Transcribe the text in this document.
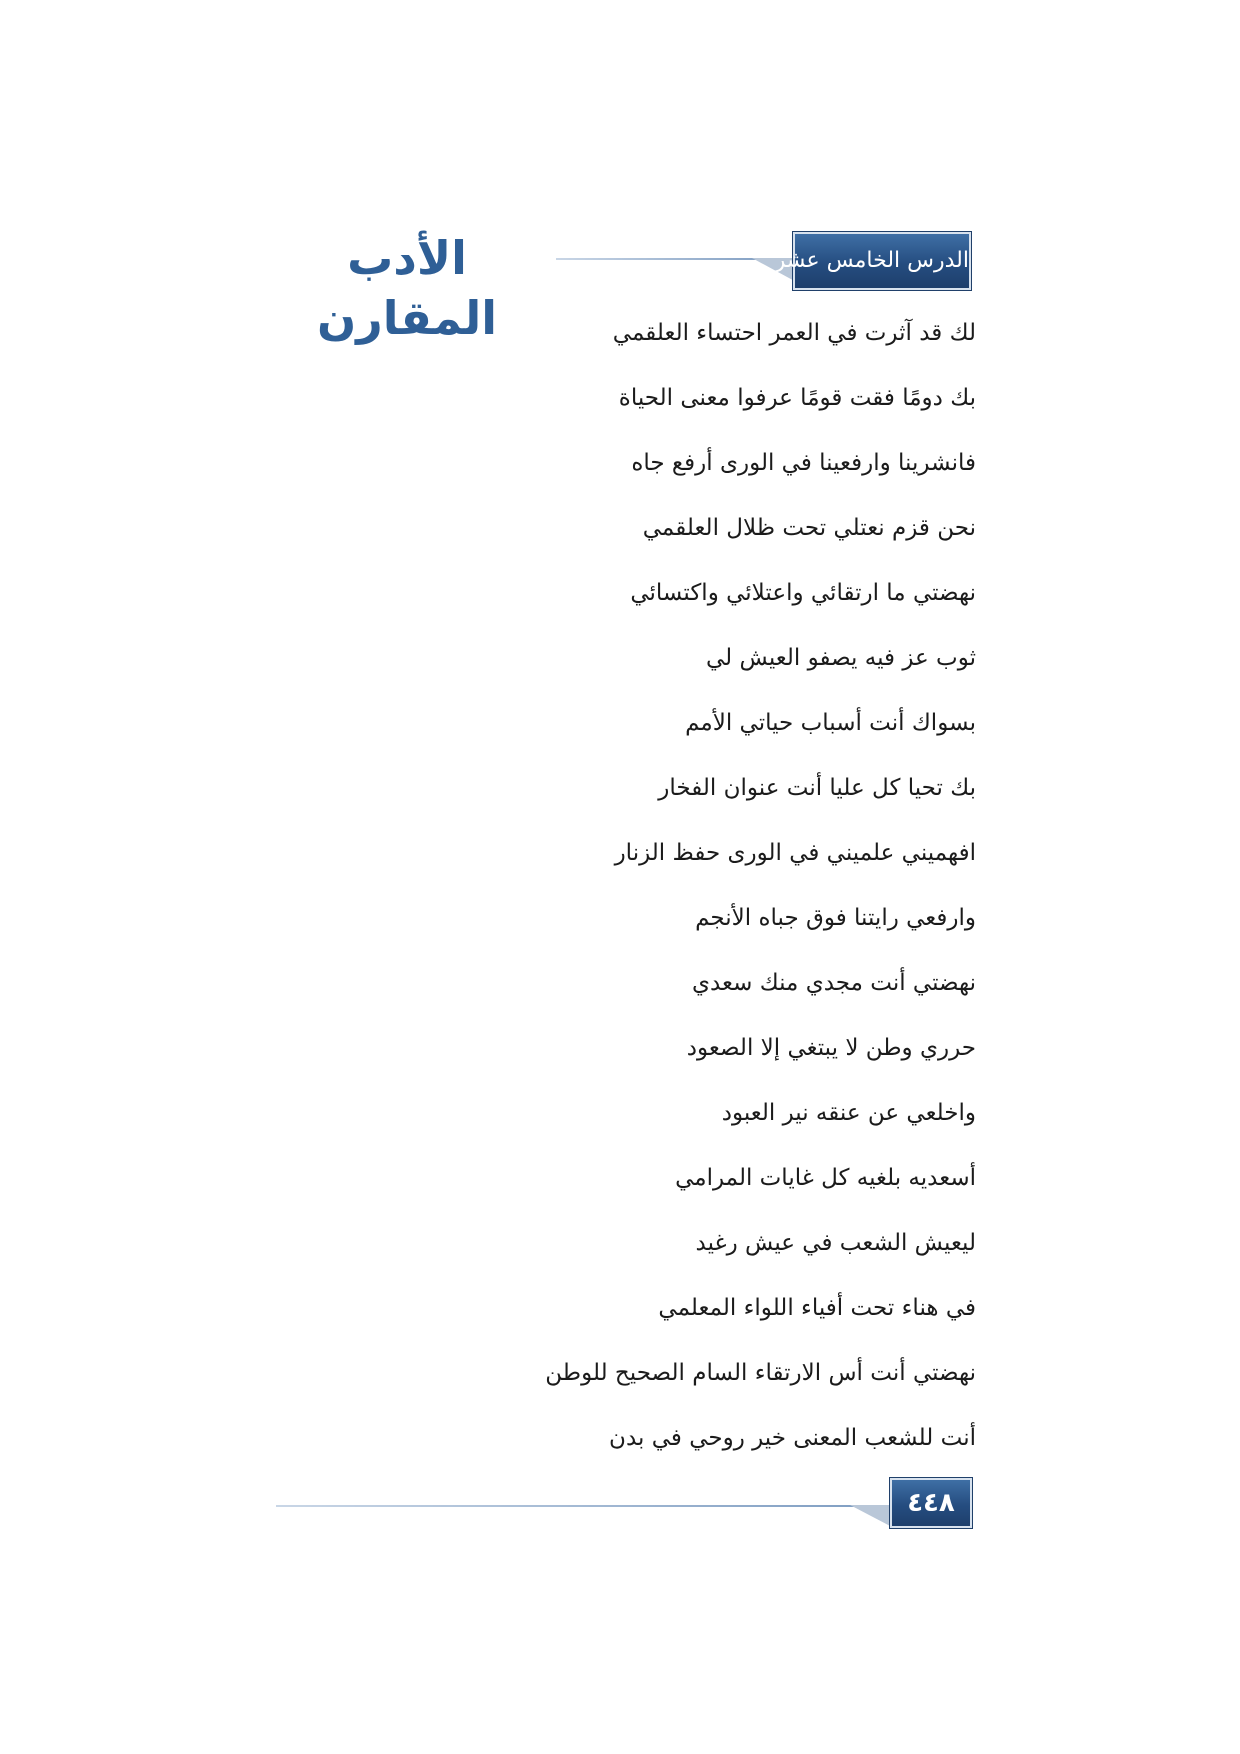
الأدب المقارن
الدرس الخامس عشر
لك قد آثرت في العمر احتساء العلقمي
بك دومًا فقت قومًا عرفوا معنى الحياة
فانشرينا وارفعينا في الورى أرفع جاه
نحن قزم نعتلي تحت ظلال العلقمي
نهضتي ما ارتقائي واعتلائي واكتسائي
ثوب عز فيه يصفو العيش لي
بسواك أنت أسباب حياتي الأمم
بك تحيا كل عليا أنت عنوان الفخار
افهميني علميني في الورى حفظ الزنار
وارفعي رايتنا فوق جباه الأنجم
نهضتي أنت مجدي منك سعدي
حرري وطن لا يبتغي إلا الصعود
واخلعي عن عنقه نير العبود
أسعديه بلغيه كل غايات المرامي
ليعيش الشعب في عيش رغيد
في هناء تحت أفياء اللواء المعلمي
نهضتي أنت أس الارتقاء السام الصحيح للوطن
أنت للشعب المعنى خير روحي في بدن
٤٤٨
